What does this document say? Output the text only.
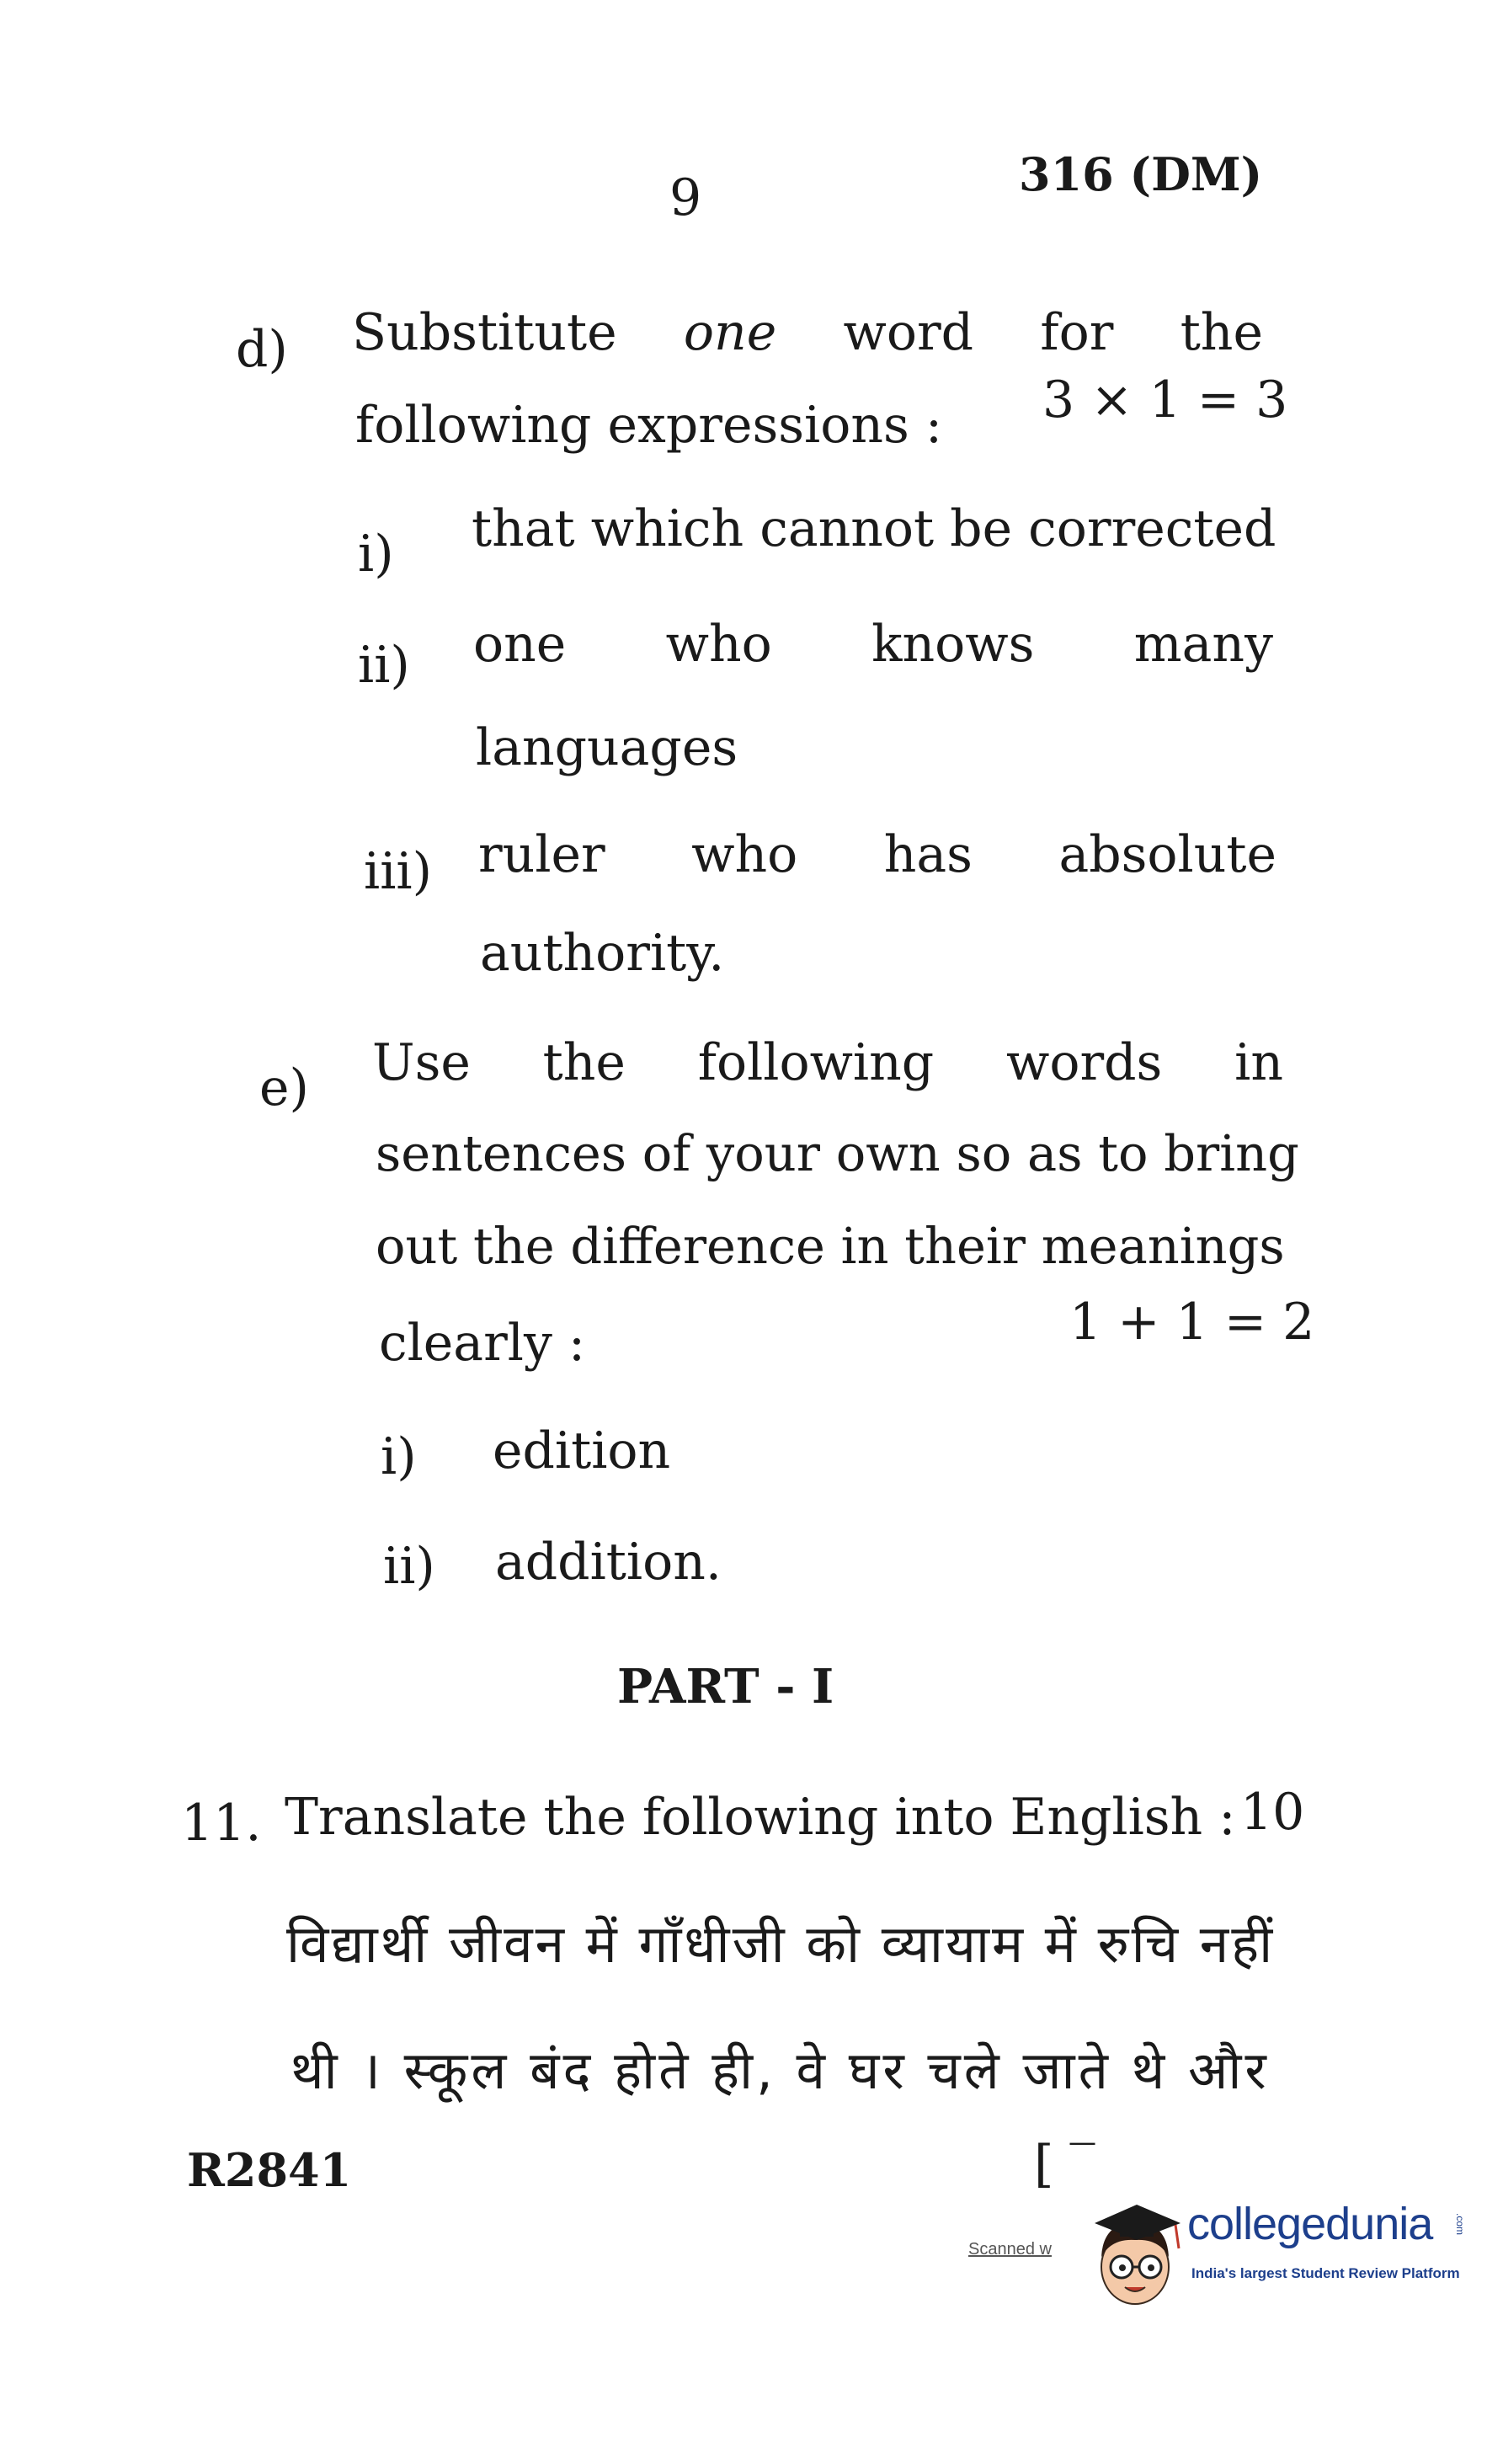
9	316 (DM)
d) Substitute one word for the
following expressions : 3 × 1 = 3
i) that which cannot be corrected
ii) one who knows many
languages
iii) ruler who has absolute
authority.
e) Use the following words in
sentences of your own so as to bring
out the difference in their meanings
clearly :	1 + 1 = 2
i) edition
ii) addition.
PART - I
11. Translate the following into English : 10
विद्यार्थी जीवन में गाँधीजी को व्यायाम में रुचि नहीं
थी । स्कूल बंद होते ही, वे घर चले जाते थे और
R2841	[ ‾
Scanned w	collegedunia .com
India's largest Student Review Platform
